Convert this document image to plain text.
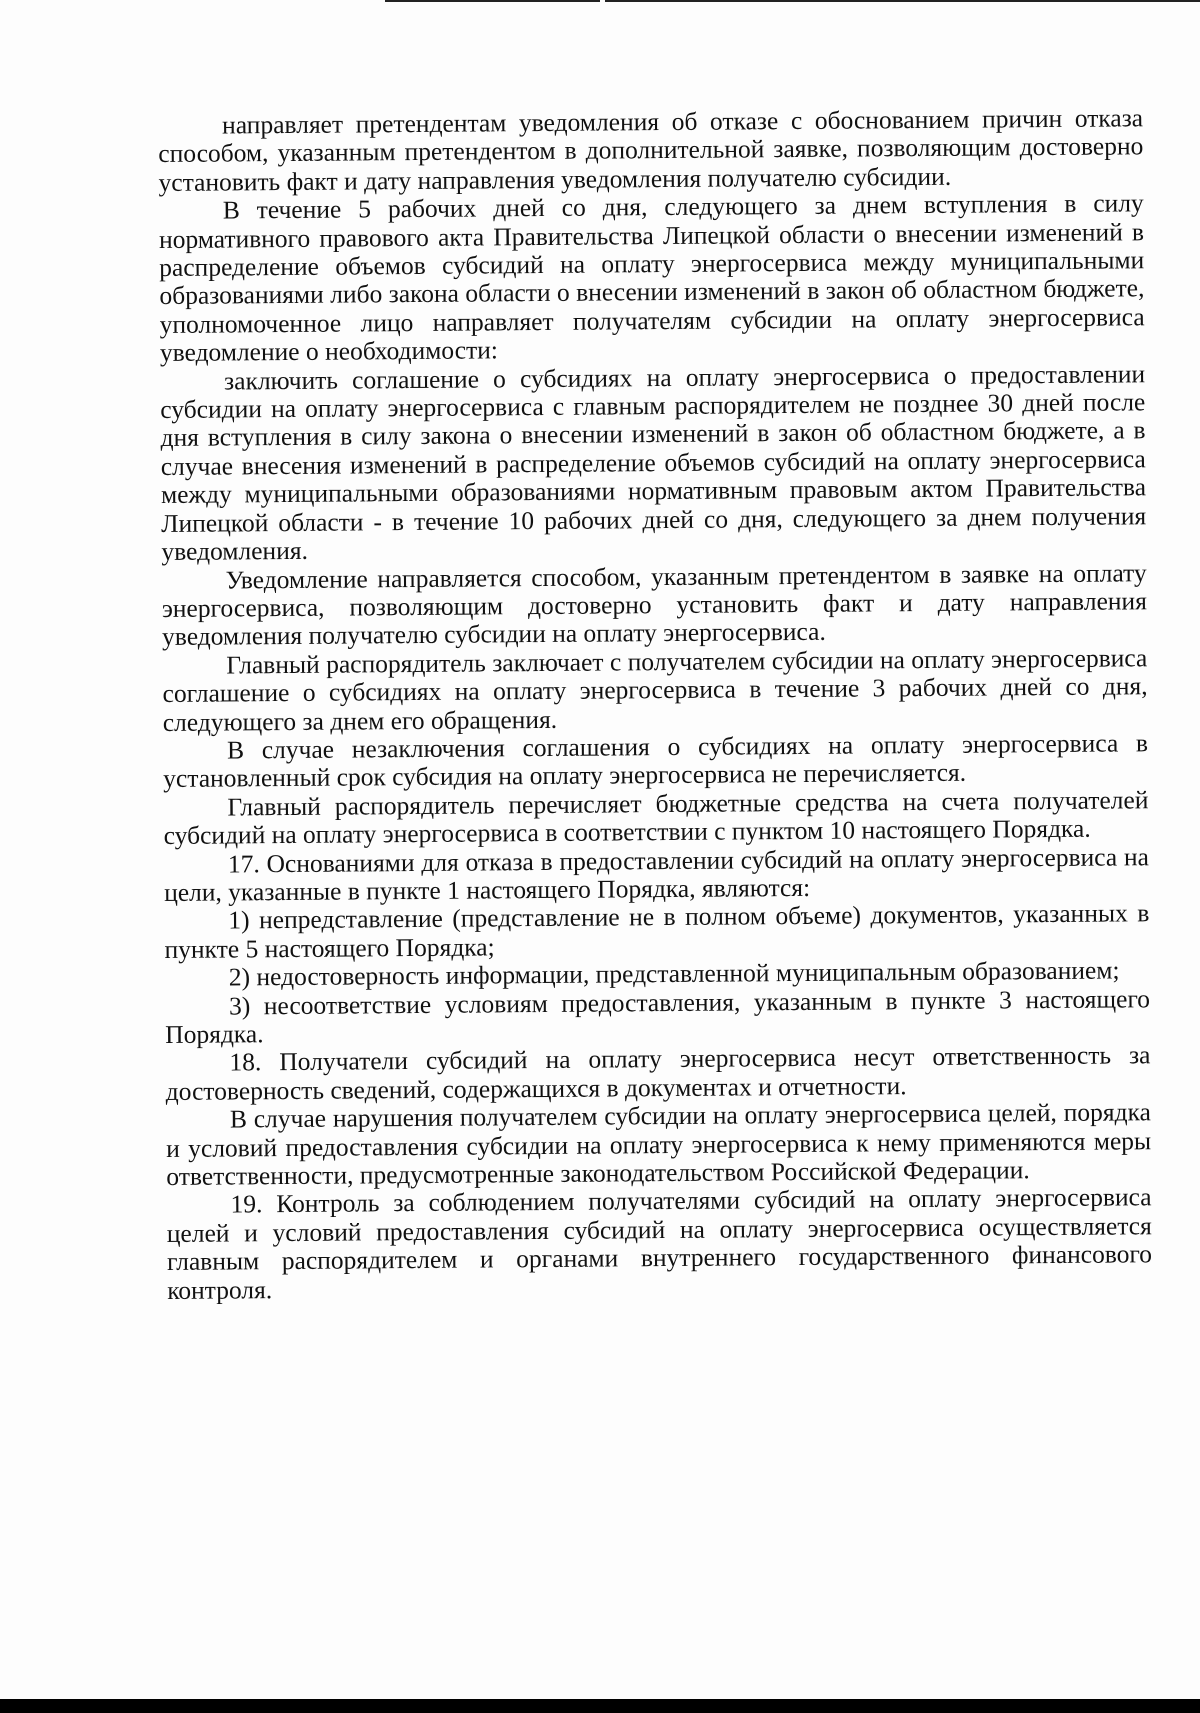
направляет претендентам уведомления об отказе с обоснованием причин отказа способом, указанным претендентом в дополнительной заявке, позволяющим достоверно установить факт и дату направления уведомления получателю субсидии.

В течение 5 рабочих дней со дня, следующего за днем вступления в силу нормативного правового акта Правительства Липецкой области о внесении изменений в распределение объемов субсидий на оплату энергосервиса между муниципальными образованиями либо закона области о внесении изменений в закон об областном бюджете, уполномоченное лицо направляет получателям субсидии на оплату энергосервиса уведомление о необходимости:

заключить соглашение о субсидиях на оплату энергосервиса о предоставлении субсидии на оплату энергосервиса с главным распорядителем не позднее 30 дней после дня вступления в силу закона о внесении изменений в закон об областном бюджете, а в случае внесения изменений в распределение объемов субсидий на оплату энергосервиса между муниципальными образованиями нормативным правовым актом Правительства Липецкой области - в течение 10 рабочих дней со дня, следующего за днем получения уведомления.

Уведомление направляется способом, указанным претендентом в заявке на оплату энергосервиса, позволяющим достоверно установить факт и дату направления уведомления получателю субсидии на оплату энергосервиса.

Главный распорядитель заключает с получателем субсидии на оплату энергосервиса соглашение о субсидиях на оплату энергосервиса в течение 3 рабочих дней со дня, следующего за днем его обращения.

В случае незаключения соглашения о субсидиях на оплату энергосервиса в установленный срок субсидия на оплату энергосервиса не перечисляется.

Главный распорядитель перечисляет бюджетные средства на счета получателей субсидий на оплату энергосервиса в соответствии с пунктом 10 настоящего Порядка.

17. Основаниями для отказа в предоставлении субсидий на оплату энергосервиса на цели, указанные в пункте 1 настоящего Порядка, являются:

1) непредставление (представление не в полном объеме) документов, указанных в пункте 5 настоящего Порядка;

2) недостоверность информации, представленной муниципальным образованием;

3) несоответствие условиям предоставления, указанным в пункте 3 настоящего Порядка.

18. Получатели субсидий на оплату энергосервиса несут ответственность за достоверность сведений, содержащихся в документах и отчетности.

В случае нарушения получателем субсидии на оплату энергосервиса целей, порядка и условий предоставления субсидии на оплату энергосервиса к нему применяются меры ответственности, предусмотренные законодательством Российской Федерации.

19. Контроль за соблюдением получателями субсидий на оплату энергосервиса целей и условий предоставления субсидий на оплату энергосервиса осуществляется главным распорядителем и органами внутреннего государственного финансового контроля.
